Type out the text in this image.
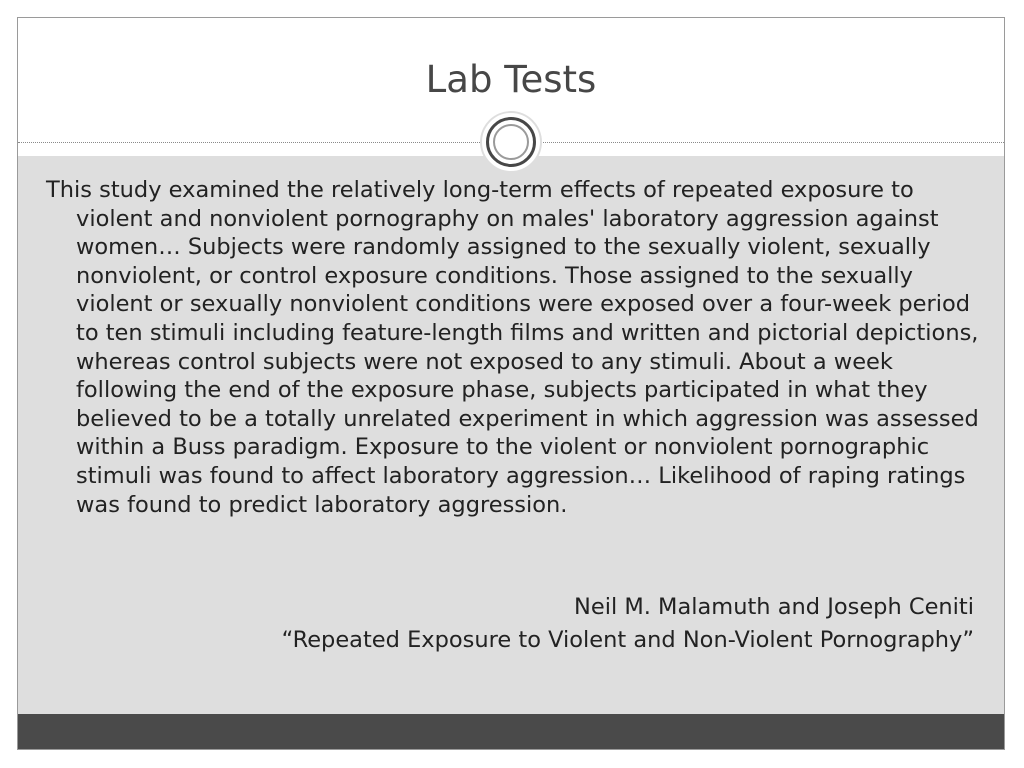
Lab Tests

This study examined the relatively long-term effects of repeated exposure to violent and nonviolent pornography on males' laboratory aggression against women… Subjects were randomly assigned to the sexually violent, sexually nonviolent, or control exposure conditions. Those assigned to the sexually violent or sexually nonviolent conditions were exposed over a four-week period to ten stimuli including feature-length films and written and pictorial depictions, whereas control subjects were not exposed to any stimuli. About a week following the end of the exposure phase, subjects participated in what they believed to be a totally unrelated experiment in which aggression was assessed within a Buss paradigm. Exposure to the violent or nonviolent pornographic stimuli was found to affect laboratory aggression… Likelihood of raping ratings was found to predict laboratory aggression.

Neil M. Malamuth and Joseph Ceniti
“Repeated Exposure to Violent and Non-Violent Pornography”
